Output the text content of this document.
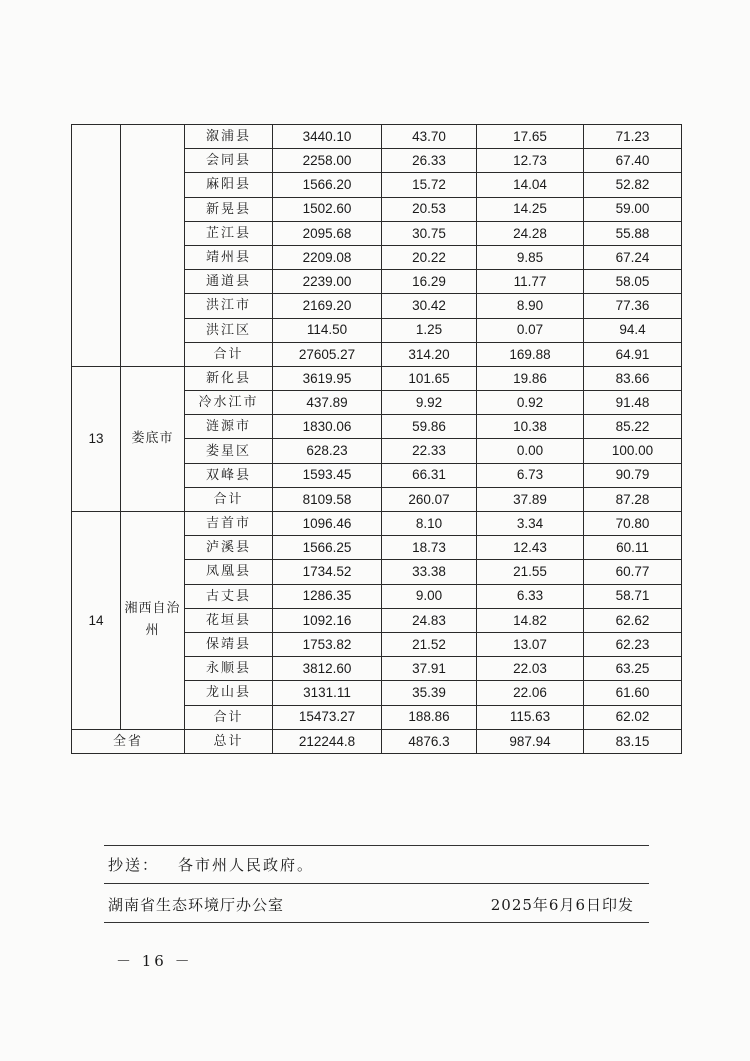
		溆浦县	3440.10	43.70	17.65	71.23
		会同县	2258.00	26.33	12.73	67.40
		麻阳县	1566.20	15.72	14.04	52.82
		新晃县	1502.60	20.53	14.25	59.00
		芷江县	2095.68	30.75	24.28	55.88
		靖州县	2209.08	20.22	9.85	67.24
		通道县	2239.00	16.29	11.77	58.05
		洪江市	2169.20	30.42	8.90	77.36
		洪江区	114.50	1.25	0.07	94.4
		合计	27605.27	314.20	169.88	64.91
13	娄底市	新化县	3619.95	101.65	19.86	83.66
		冷水江市	437.89	9.92	0.92	91.48
		涟源市	1830.06	59.86	10.38	85.22
		娄星区	628.23	22.33	0.00	100.00
		双峰县	1593.45	66.31	6.73	90.79
		合计	8109.58	260.07	37.89	87.28
14	湘西自治州	吉首市	1096.46	8.10	3.34	70.80
		泸溪县	1566.25	18.73	12.43	60.11
		凤凰县	1734.52	33.38	21.55	60.77
		古丈县	1286.35	9.00	6.33	58.71
		花垣县	1092.16	24.83	14.82	62.62
		保靖县	1753.82	21.52	13.07	62.23
		永顺县	3812.60	37.91	22.03	63.25
		龙山县	3131.11	35.39	22.06	61.60
		合计	15473.27	188.86	115.63	62.02
全省		总计	212244.8	4876.3	987.94	83.15
抄送： 各市州人民政府。
湖南省生态环境厅办公室	2025年6月6日印发
－ 16 －
